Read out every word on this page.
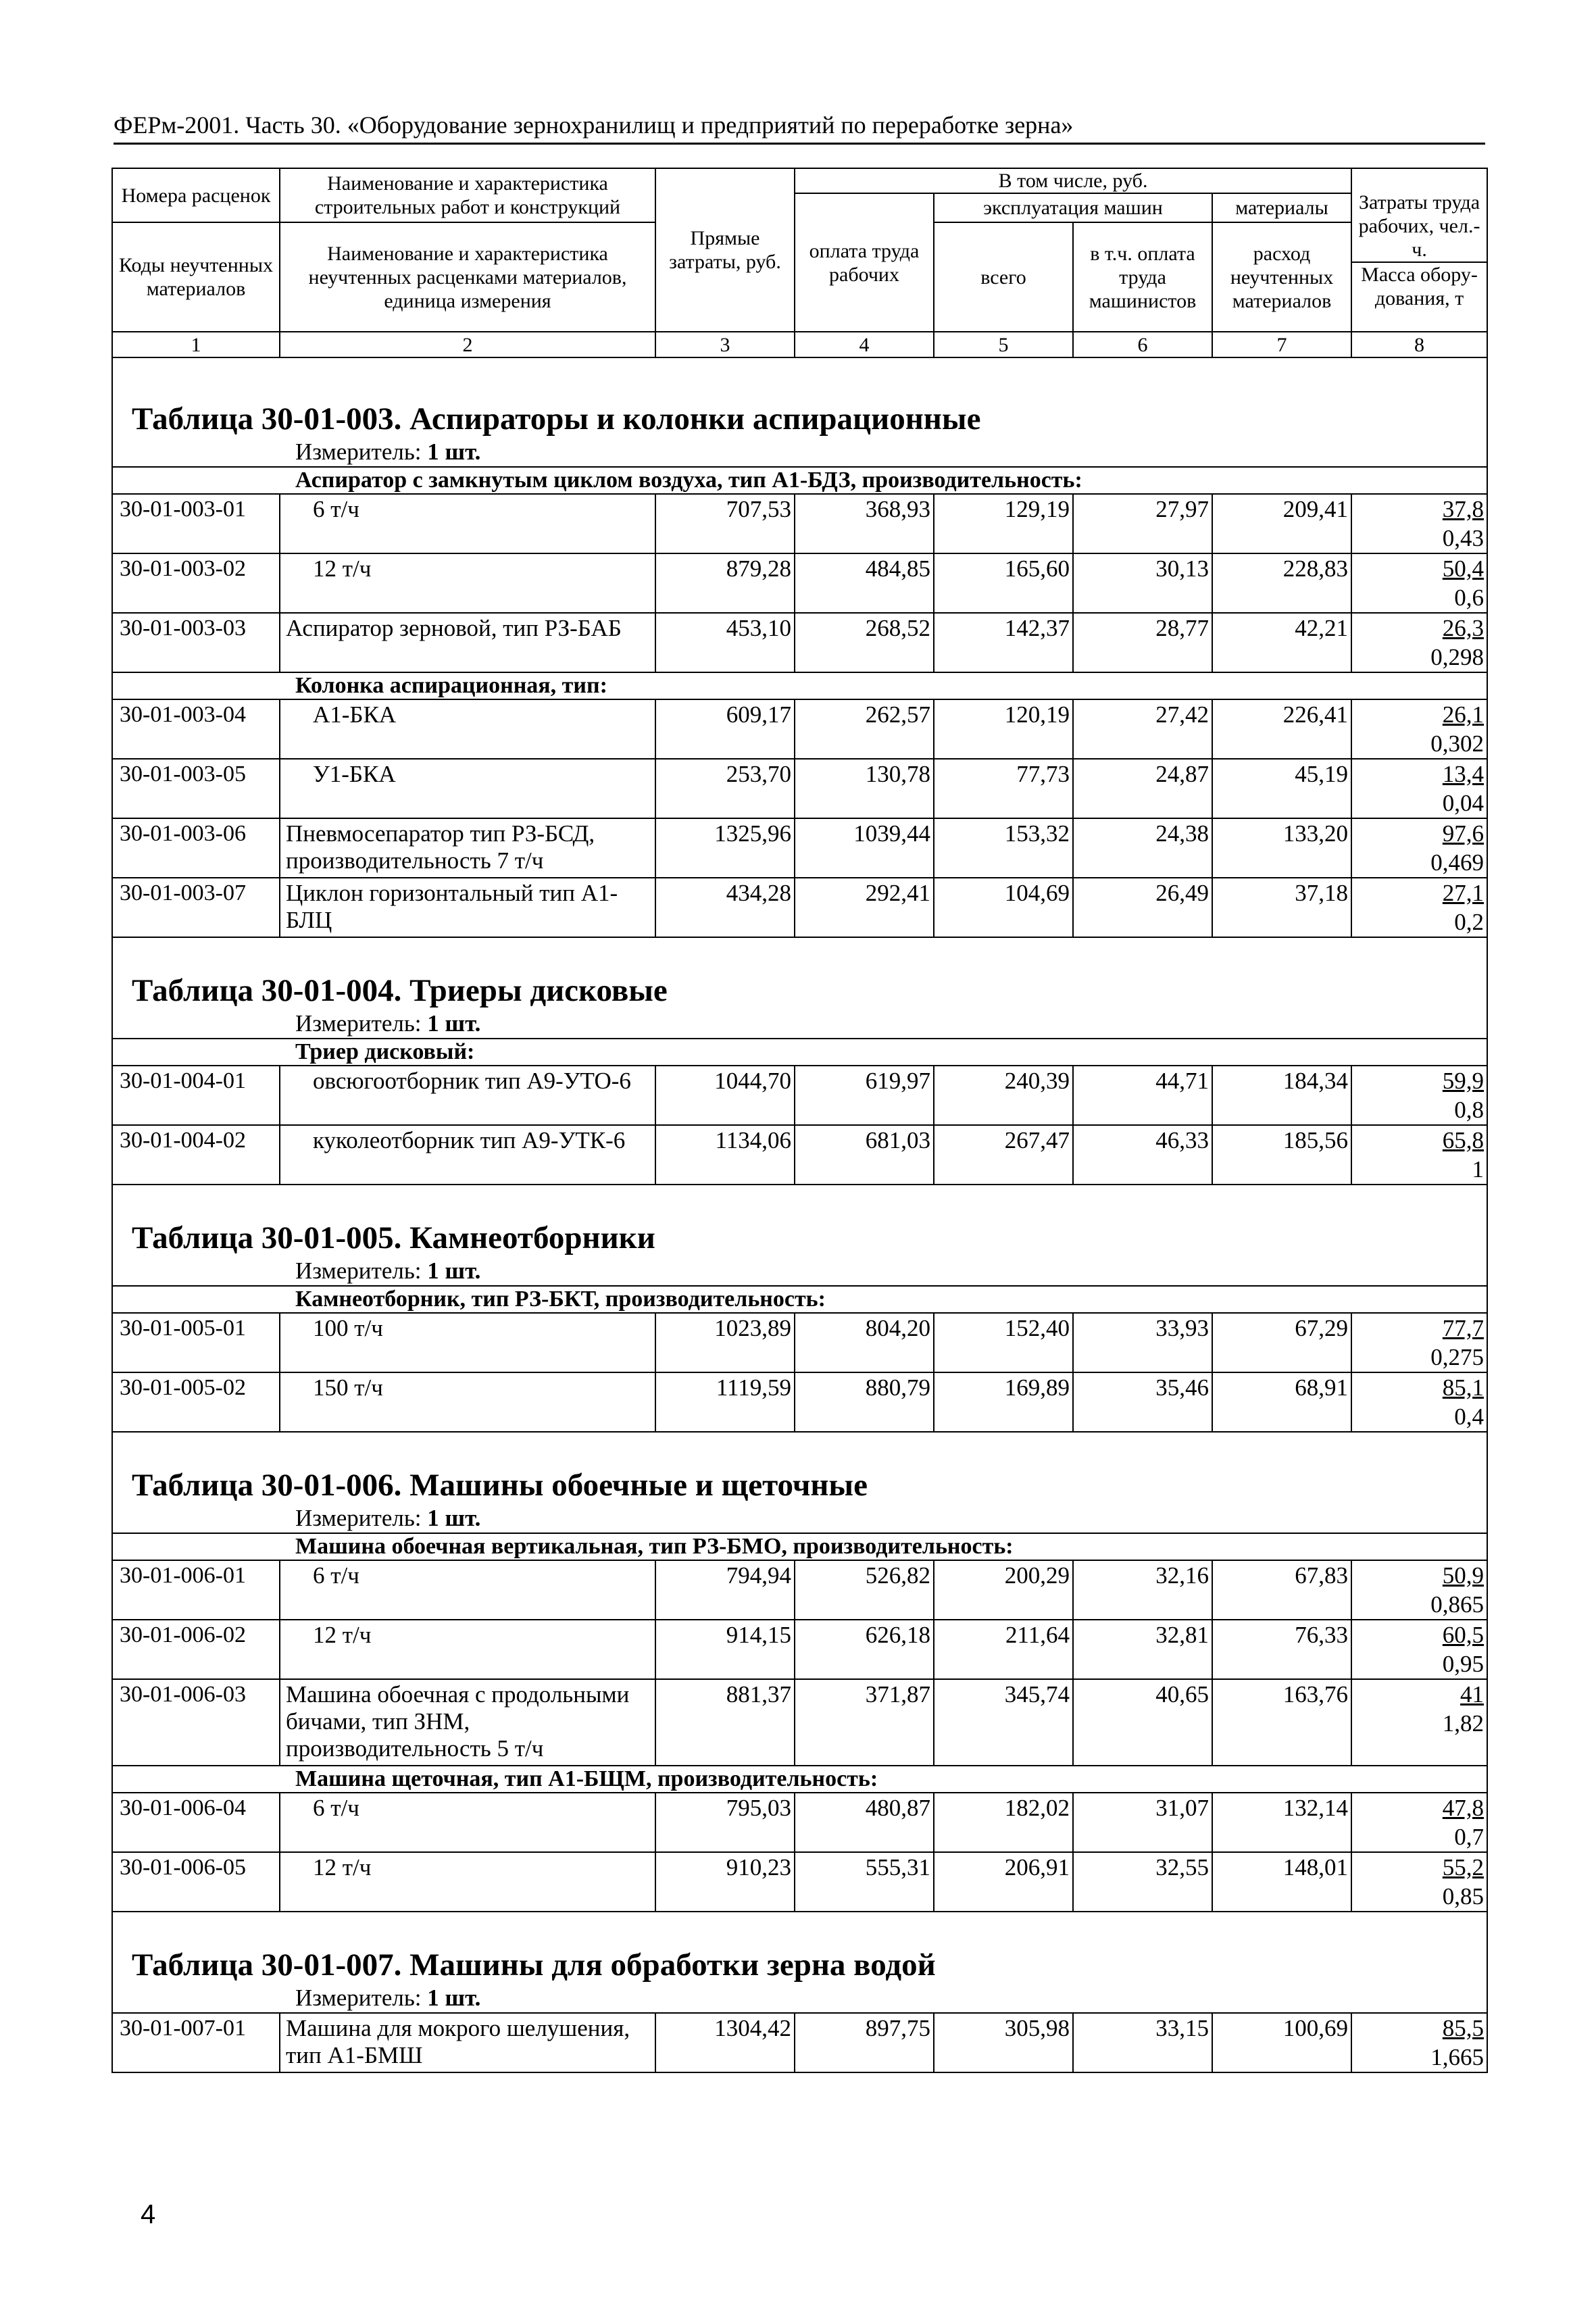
ФЕРм-2001. Часть 30. «Оборудование зернохранилищ и предприятий по переработке зерна»
Номера расценок	Наименование и характеристика строительных работ и конструкций	Прямые затраты, руб.	В том числе, руб.				Затраты труда рабочих, чел.-ч.
Масса обору-дования, т

			оплата труда рабочих	эксплуатация машин		материалы	
Коды неучтенных материалов	Наименование и характеристика неучтенных расценками материалов, единица измерения			всего	в т.ч. оплата труда машинистов	расход неучтенных материалов	

1	2	3	4	5	6	7	8

Таблица 30-01-003. Аспираторы и колонки аспирационные
Измеритель: 1 шт.							

Аспиратор с замкнутым циклом воздуха, тип А1-БДЗ, производительность:							
30-01-003-01	6 т/ч	707,53	368,93	129,19	27,97	209,41	37,8
0,43

30-01-003-02	12 т/ч	879,28	484,85	165,60	30,13	228,83	50,4
0,6

30-01-003-03	Аспиратор зерновой, тип РЗ-БАБ	453,10	268,52	142,37	28,77	42,21	26,3
0,298

Колонка аспирационная, тип:							
30-01-003-04	А1-БКА	609,17	262,57	120,19	27,42	226,41	26,1
0,302

30-01-003-05	У1-БКА	253,70	130,78	77,73	24,87	45,19	13,4
0,04

30-01-003-06	Пневмосепаратор тип РЗ-БСД, производительность 7 т/ч	1325,96	1039,44	153,32	24,38	133,20	97,6
0,469

30-01-003-07	Циклон горизонтальный тип А1-БЛЦ	434,28	292,41	104,69	26,49	37,18	27,1
0,2

Таблица 30-01-004. Триеры дисковые
Измеритель: 1 шт.							

Триер дисковый:							
30-01-004-01	овсюгоотборник тип А9-УТО-6	1044,70	619,97	240,39	44,71	184,34	59,9
0,8

30-01-004-02	куколеотборник тип А9-УТК-6	1134,06	681,03	267,47	46,33	185,56	65,8
1

Таблица 30-01-005. Камнеотборники
Измеритель: 1 шт.							

Камнеотборник, тип РЗ-БКТ, производительность:							
30-01-005-01	100 т/ч	1023,89	804,20	152,40	33,93	67,29	77,7
0,275

30-01-005-02	150 т/ч	1119,59	880,79	169,89	35,46	68,91	85,1
0,4

Таблица 30-01-006. Машины обоечные и щеточные
Измеритель: 1 шт.							

Машина обоечная вертикальная, тип РЗ-БМО, производительность:							
30-01-006-01	6 т/ч	794,94	526,82	200,29	32,16	67,83	50,9
0,865

30-01-006-02	12 т/ч	914,15	626,18	211,64	32,81	76,33	60,5
0,95

30-01-006-03	Машина обоечная с продольными бичами, тип ЗНМ, производительность 5 т/ч	881,37	371,87	345,74	40,65	163,76	41
1,82

Машина щеточная, тип А1-БЩМ, производительность:							
30-01-006-04	6 т/ч	795,03	480,87	182,02	31,07	132,14	47,8
0,7

30-01-006-05	12 т/ч	910,23	555,31	206,91	32,55	148,01	55,2
0,85

Таблица 30-01-007. Машины для обработки зерна водой
Измеритель: 1 шт.							

30-01-007-01	Машина для мокрого шелушения, тип А1-БМШ	1304,42	897,75	305,98	33,15	100,69	85,5
1,665
4
